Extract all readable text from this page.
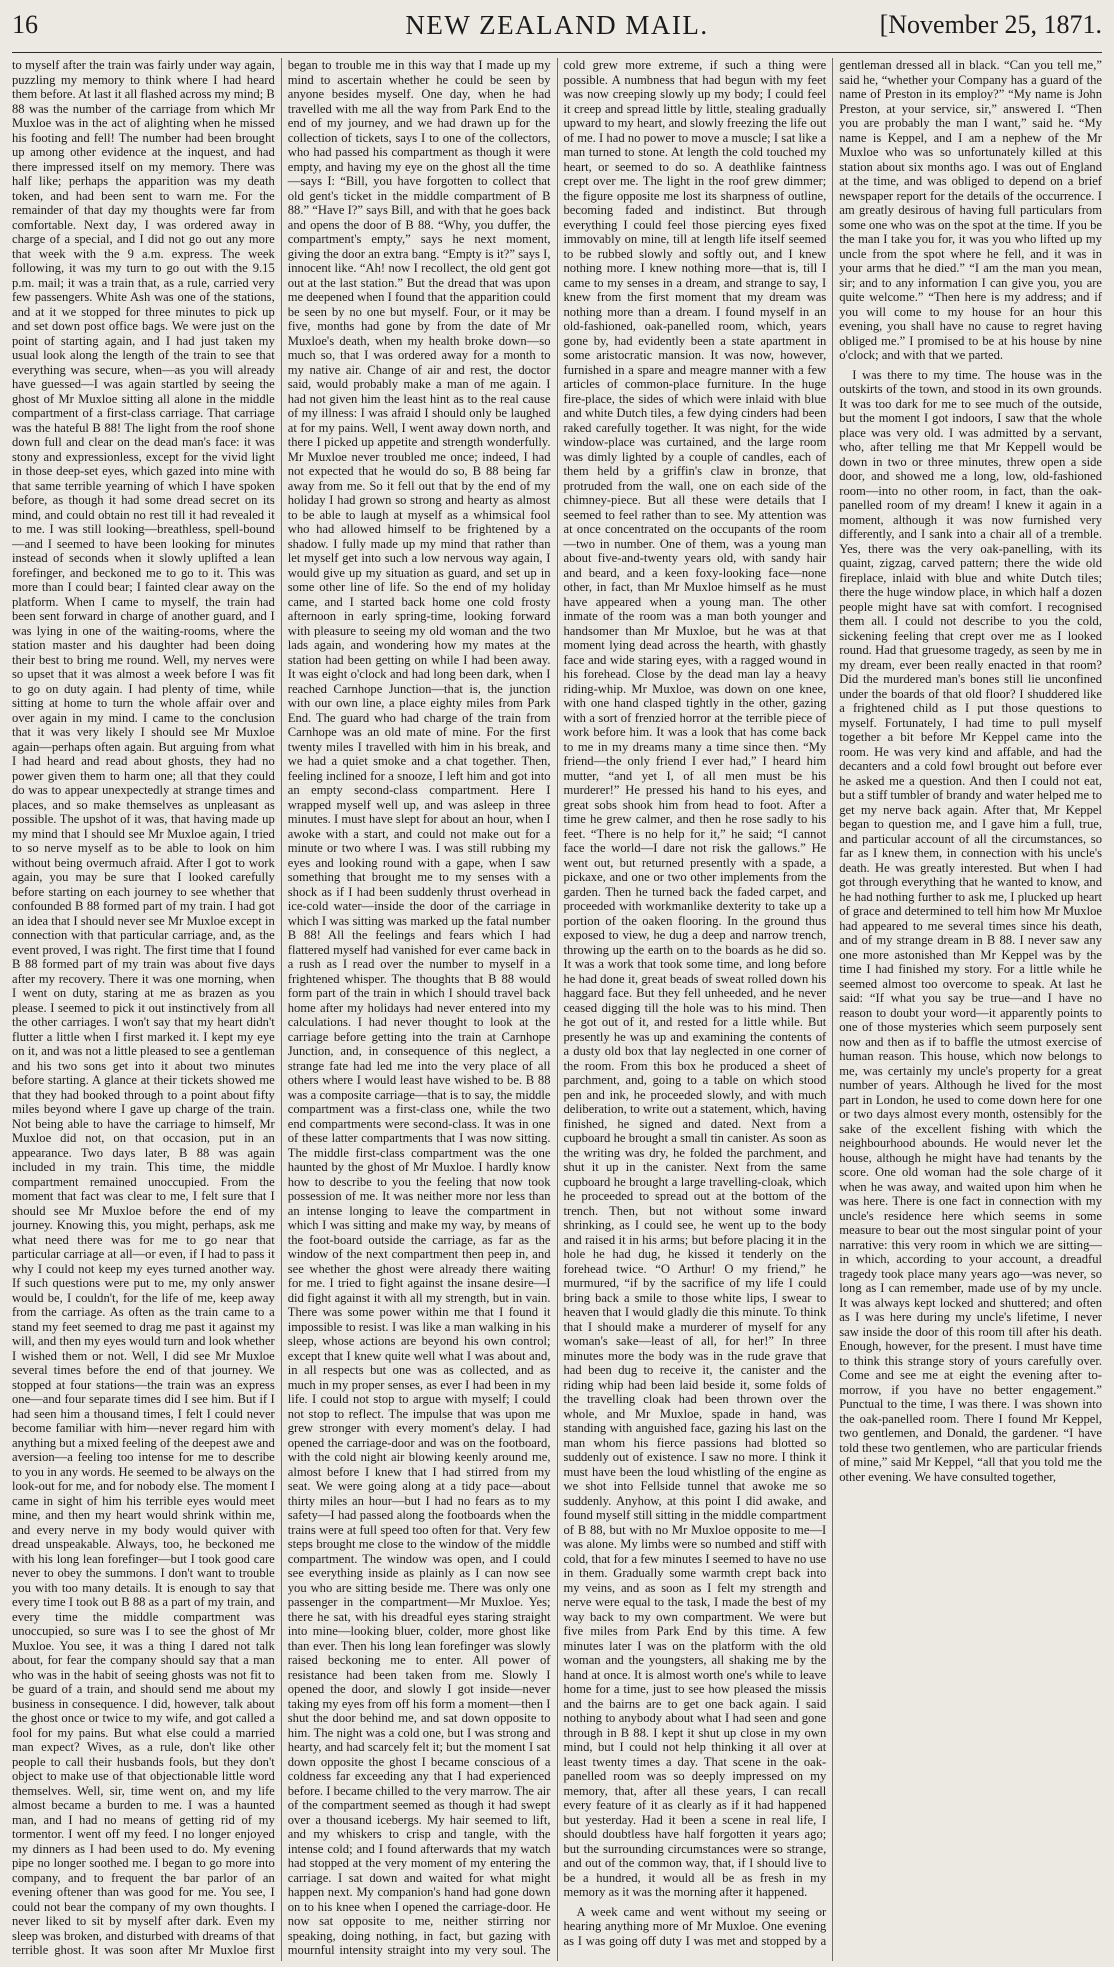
16	NEW ZEALAND MAIL.	[November 25, 1871.

to myself after the train was fairly under way again, puzzling my memory to think where I had heard them before. At last it all flashed across my mind; B 88 was the number of the carriage from which Mr Muxloe was in the act of alighting when he missed his footing and fell! The number had been brought up among other evidence at the inquest, and had there impressed itself on my memory. There was half like; perhaps the apparition was my death token, and had been sent to warn me. For the remainder of that day my thoughts were far from comfortable. Next day, I was ordered away in charge of a special, and I did not go out any more that week with the 9 a.m. express. The week following, it was my turn to go out with the 9.15 p.m. mail; it was a train that, as a rule, carried very few passengers. White Ash was one of the stations, and at it we stopped for three minutes to pick up and set down post office bags. We were just on the point of starting again, and I had just taken my usual look along the length of the train to see that everything was secure, when—as you will already have guessed—I was again startled by seeing the ghost of Mr Muxloe sitting all alone in the middle compartment of a first-class carriage. That carriage was the hateful B 88! The light from the roof shone down full and clear on the dead man's face: it was stony and expressionless, except for the vivid light in those deep-set eyes, which gazed into mine with that same terrible yearning of which I have spoken before, as though it had some dread secret on its mind, and could obtain no rest till it had revealed it to me. I was still looking—breathless, spell-bound—and I seemed to have been looking for minutes instead of seconds when it slowly uplifted a lean forefinger, and beckoned me to go to it. This was more than I could bear; I fainted clear away on the platform. When I came to myself, the train had been sent forward in charge of another guard, and I was lying in one of the waiting-rooms, where the station master and his daughter had been doing their best to bring me round. Well, my nerves were so upset that it was almost a week before I was fit to go on duty again. I had plenty of time, while sitting at home to turn the whole affair over and over again in my mind. I came to the conclusion that it was very likely I should see Mr Muxloe again—perhaps often again. But arguing from what I had heard and read about ghosts, they had no power given them to harm one; all that they could do was to appear unexpectedly at strange times and places, and so make themselves as unpleasant as possible. The upshot of it was, that having made up my mind that I should see Mr Muxloe again, I tried to so nerve myself as to be able to look on him without being overmuch afraid. After I got to work again, you may be sure that I looked carefully before starting on each journey to see whether that confounded B 88 formed part of my train. I had got an idea that I should never see Mr Muxloe except in connection with that particular carriage, and, as the event proved, I was right. The first time that I found B 88 formed part of my train was about five days after my recovery. There it was one morning, when I went on duty, staring at me as brazen as you please. I seemed to pick it out instinctively from all the other carriages. I won't say that my heart didn't flutter a little when I first marked it. I kept my eye on it, and was not a little pleased to see a gentleman and his two sons get into it about two minutes before starting. A glance at their tickets showed me that they had booked through to a point about fifty miles beyond where I gave up charge of the train. Not being able to have the carriage to himself, Mr Muxloe did not, on that occasion, put in an appearance. Two days later, B 88 was again included in my train. This time, the middle compartment remained unoccupied. From the moment that fact was clear to me, I felt sure that I should see Mr Muxloe before the end of my journey. Knowing this, you might, perhaps, ask me what need there was for me to go near that particular carriage at all—or even, if I had to pass it why I could not keep my eyes turned another way. If such questions were put to me, my only answer would be, I couldn't, for the life of me, keep away from the carriage. As often as the train came to a stand my feet seemed to drag me past it against my will, and then my eyes would turn and look whether I wished them or not. Well, I did see Mr Muxloe several times before the end of that journey. We stopped at four stations—the train was an express one—and four separate times did I see him. But if I had seen him a thousand times, I felt I could never become familiar with him—never regard him with anything but a mixed feeling of the deepest awe and aversion—a feeling too intense for me to describe to you in any words. He seemed to be always on the look-out for me, and for nobody else. The moment I came in sight of him his terrible eyes would meet mine, and then my heart would shrink within me, and every nerve in my body would quiver with dread unspeakable. Always, too, he beckoned me with his long lean forefinger—but I took good care never to obey the summons. I don't want to trouble you with too many details. It is enough to say that every time I took out B 88 as a part of my train, and every time the middle compartment was unoccupied, so sure was I to see the ghost of Mr Muxloe. You see, it was a thing I dared not talk about, for fear the company should say that a man who was in the habit of seeing ghosts was not fit to be guard of a train, and should send me about my business in consequence. I did, however, talk about the ghost once or twice to my wife, and got called a fool for my pains. But what else could a married man expect? Wives, as a rule, don't like other people to call their husbands fools, but they don't object to make use of that objectionable little word themselves. Well, sir, time went on, and my life almost became a burden to me. I was a haunted man, and I had no means of getting rid of my tormentor. I went off my feed. I no longer enjoyed my dinners as I had been used to do. My evening pipe no longer soothed me. I began to go more into company, and to frequent the bar parlor of an evening oftener than was good for me. You see, I could not bear the company of my own thoughts. I never liked to sit by myself after dark. Even my sleep was broken, and disturbed with dreams of that terrible ghost. It was soon after Mr Muxloe first began to trouble me in this way that I made up my mind to ascertain whether he could be seen by anyone besides myself. One day, when he had travelled with me all the way from Park End to the end of my journey, and we had drawn up for the collection of tickets, says I to one of the collectors, who had passed his compartment as though it were empty, and having my eye on the ghost all the time—says I: “Bill, you have forgotten to collect that old gent's ticket in the middle compartment of B 88.” “Have I?” says Bill, and with that he goes back and opens the door of B 88. “Why, you duffer, the compartment's empty,” says he next moment, giving the door an extra bang. “Empty is it?” says I, innocent like. “Ah! now I recollect, the old gent got out at the last station.” But the dread that was upon me deepened when I found that the apparition could be seen by no one but myself. Four, or it may be five, months had gone by from the date of Mr Muxloe's death, when my health broke down—so much so, that I was ordered away for a month to my native air. Change of air and rest, the doctor said, would probably make a man of me again. I had not given him the least hint as to the real cause of my illness: I was afraid I should only be laughed at for my pains. Well, I went away down north, and there I picked up appetite and strength wonderfully. Mr Muxloe never troubled me once; indeed, I had not expected that he would do so, B 88 being far away from me. So it fell out that by the end of my holiday I had grown so strong and hearty as almost to be able to laugh at myself as a whimsical fool who had allowed himself to be frightened by a shadow. I fully made up my mind that rather than let myself get into such a low nervous way again, I would give up my situation as guard, and set up in some other line of life. So the end of my holiday came, and I started back home one cold frosty afternoon in early spring-time, looking forward with pleasure to seeing my old woman and the two lads again, and wondering how my mates at the station had been getting on while I had been away. It was eight o'clock and had long been dark, when I reached Carnhope Junction—that is, the junction with our own line, a place eighty miles from Park End. The guard who had charge of the train from Carnhope was an old mate of mine. For the first twenty miles I travelled with him in his break, and we had a quiet smoke and a chat together. Then, feeling inclined for a snooze, I left him and got into an empty second-class compartment. Here I wrapped myself well up, and was asleep in three minutes. I must have slept for about an hour, when I awoke with a start, and could not make out for a minute or two where I was. I was still rubbing my eyes and looking round with a gape, when I saw something that brought me to my senses with a shock as if I had been suddenly thrust overhead in ice-cold water—inside the door of the carriage in which I was sitting was marked up the fatal number B 88! All the feelings and fears which I had flattered myself had vanished for ever came back in a rush as I read over the number to myself in a frightened whisper. The thoughts that B 88 would form part of the train in which I should travel back home after my holidays had never entered into my calculations. I had never thought to look at the carriage before getting into the train at Carnhope Junction, and, in consequence of this neglect, a strange fate had led me into the very place of all others where I would least have wished to be. B 88 was a composite carriage—that is to say, the middle compartment was a first-class one, while the two end compartments were second-class. It was in one of these latter compartments that I was now sitting. The middle first-class compartment was the one haunted by the ghost of Mr Muxloe. I hardly know how to describe to you the feeling that now took possession of me. It was neither more nor less than an intense longing to leave the compartment in which I was sitting and make my way, by means of the foot-board outside the carriage, as far as the window of the next compartment then peep in, and see whether the ghost were already there waiting for me. I tried to fight against the insane desire—I did fight against it with all my strength, but in vain. There was some power within me that I found it impossible to resist. I was like a man walking in his sleep, whose actions are beyond his own control; except that I knew quite well what I was about and, in all respects but one was as collected, and as much in my proper senses, as ever I had been in my life. I could not stop to argue with myself; I could not stop to reflect. The impulse that was upon me grew stronger with every moment's delay. I had opened the carriage-door and was on the footboard, with the cold night air blowing keenly around me, almost before I knew that I had stirred from my seat. We were going along at a tidy pace—about thirty miles an hour—but I had no fears as to my safety—I had passed along the footboards when the trains were at full speed too often for that. Very few steps brought me close to the window of the middle compartment. The window was open, and I could see everything inside as plainly as I can now see you who are sitting beside me. There was only one passenger in the compartment—Mr Muxloe. Yes; there he sat, with his dreadful eyes staring straight into mine—looking bluer, colder, more ghost like than ever. Then his long lean forefinger was slowly raised beckoning me to enter. All power of resistance had been taken from me. Slowly I opened the door, and slowly I got inside—never taking my eyes from off his form a moment—then I shut the door behind me, and sat down opposite to him. The night was a cold one, but I was strong and hearty, and had scarcely felt it; but the moment I sat down opposite the ghost I became conscious of a coldness far exceeding any that I had experienced before. I became chilled to the very marrow. The air of the compartment seemed as though it had swept over a thousand icebergs. My hair seemed to lift, and my whiskers to crisp and tangle, with the intense cold; and I found afterwards that my watch had stopped at the very moment of my entering the carriage. I sat down and waited for what might happen next. My companion's hand had gone down on to his knee when I opened the carriage-door. He now sat opposite to me, neither stirring nor speaking, doing nothing, in fact, but gazing with mournful intensity straight into my very soul. The cold grew more extreme, if such a thing were possible. A numbness that had begun with my feet was now creeping slowly up my body; I could feel it creep and spread little by little, stealing gradually upward to my heart, and slowly freezing the life out of me. I had no power to move a muscle; I sat like a man turned to stone. At length the cold touched my heart, or seemed to do so. A deathlike faintness crept over me. The light in the roof grew dimmer; the figure opposite me lost its sharpness of outline, becoming faded and indistinct. But through everything I could feel those piercing eyes fixed immovably on mine, till at length life itself seemed to be rubbed slowly and softly out, and I knew nothing more. I knew nothing more—that is, till I came to my senses in a dream, and strange to say, I knew from the first moment that my dream was nothing more than a dream. I found myself in an old-fashioned, oak-panelled room, which, years gone by, had evidently been a state apartment in some aristocratic mansion. It was now, however, furnished in a spare and meagre manner with a few articles of common-place furniture. In the huge fire-place, the sides of which were inlaid with blue and white Dutch tiles, a few dying cinders had been raked carefully together. It was night, for the wide window-place was curtained, and the large room was dimly lighted by a couple of candles, each of them held by a griffin's claw in bronze, that protruded from the wall, one on each side of the chimney-piece. But all these were details that I seemed to feel rather than to see. My attention was at once concentrated on the occupants of the room—two in number. One of them, was a young man about five-and-twenty years old, with sandy hair and beard, and a keen foxy-looking face—none other, in fact, than Mr Muxloe himself as he must have appeared when a young man. The other inmate of the room was a man both younger and handsomer than Mr Muxloe, but he was at that moment lying dead across the hearth, with ghastly face and wide staring eyes, with a ragged wound in his forehead. Close by the dead man lay a heavy riding-whip. Mr Muxloe, was down on one knee, with one hand clasped tightly in the other, gazing with a sort of frenzied horror at the terrible piece of work before him. It was a look that has come back to me in my dreams many a time since then. “My friend—the only friend I ever had,” I heard him mutter, “and yet I, of all men must be his murderer!” He pressed his hand to his eyes, and great sobs shook him from head to foot. After a time he grew calmer, and then he rose sadly to his feet. “There is no help for it,” he said; “I cannot face the world—I dare not risk the gallows.” He went out, but returned presently with a spade, a pickaxe, and one or two other implements from the garden. Then he turned back the faded carpet, and proceeded with workmanlike dexterity to take up a portion of the oaken flooring. In the ground thus exposed to view, he dug a deep and narrow trench, throwing up the earth on to the boards as he did so. It was a work that took some time, and long before he had done it, great beads of sweat rolled down his haggard face. But they fell unheeded, and he never ceased digging till the hole was to his mind. Then he got out of it, and rested for a little while. But presently he was up and examining the contents of a dusty old box that lay neglected in one corner of the room. From this box he produced a sheet of parchment, and, going to a table on which stood pen and ink, he proceeded slowly, and with much deliberation, to write out a statement, which, having finished, he signed and dated. Next from a cupboard he brought a small tin canister. As soon as the writing was dry, he folded the parchment, and shut it up in the canister. Next from the same cupboard he brought a large travelling-cloak, which he proceeded to spread out at the bottom of the trench. Then, but not without some inward shrinking, as I could see, he went up to the body and raised it in his arms; but before placing it in the hole he had dug, he kissed it tenderly on the forehead twice. “O Arthur! O my friend,” he murmured, “if by the sacrifice of my life I could bring back a smile to those white lips, I swear to heaven that I would gladly die this minute. To think that I should make a murderer of myself for any woman's sake—least of all, for her!” In three minutes more the body was in the rude grave that had been dug to receive it, the canister and the riding whip had been laid beside it, some folds of the travelling cloak had been thrown over the whole, and Mr Muxloe, spade in hand, was standing with anguished face, gazing his last on the man whom his fierce passions had blotted so suddenly out of existence. I saw no more. I think it must have been the loud whistling of the engine as we shot into Fellside tunnel that awoke me so suddenly. Anyhow, at this point I did awake, and found myself still sitting in the middle compartment of B 88, but with no Mr Muxloe opposite to me—I was alone. My limbs were so numbed and stiff with cold, that for a few minutes I seemed to have no use in them. Gradually some warmth crept back into my veins, and as soon as I felt my strength and nerve were equal to the task, I made the best of my way back to my own compartment. We were but five miles from Park End by this time. A few minutes later I was on the platform with the old woman and the youngsters, all shaking me by the hand at once. It is almost worth one's while to leave home for a time, just to see how pleased the missis and the bairns are to get one back again. I said nothing to anybody about what I had seen and gone through in B 88. I kept it shut up close in my own mind, but I could not help thinking it all over at least twenty times a day. That scene in the oak-panelled room was so deeply impressed on my memory, that, after all these years, I can recall every feature of it as clearly as if it had happened but yesterday. Had it been a scene in real life, I should doubtless have half forgotten it years ago; but the surrounding circumstances were so strange, and out of the common way, that, if I should live to be a hundred, it would all be as fresh in my memory as it was the morning after it happened.

A week came and went without my seeing or hearing anything more of Mr Muxloe. One evening as I was going off duty I was met and stopped by a gentleman dressed all in black. “Can you tell me,” said he, “whether your Company has a guard of the name of Preston in its employ?” “My name is John Preston, at your service, sir,” answered I. “Then you are probably the man I want,” said he. “My name is Keppel, and I am a nephew of the Mr Muxloe who was so unfortunately killed at this station about six months ago. I was out of England at the time, and was obliged to depend on a brief newspaper report for the details of the occurrence. I am greatly desirous of having full particulars from some one who was on the spot at the time. If you be the man I take you for, it was you who lifted up my uncle from the spot where he fell, and it was in your arms that he died.” “I am the man you mean, sir; and to any information I can give you, you are quite welcome.” “Then here is my address; and if you will come to my house for an hour this evening, you shall have no cause to regret having obliged me.” I promised to be at his house by nine o'clock; and with that we parted.

I was there to my time. The house was in the outskirts of the town, and stood in its own grounds. It was too dark for me to see much of the outside, but the moment I got indoors, I saw that the whole place was very old. I was admitted by a servant, who, after telling me that Mr Keppell would be down in two or three minutes, threw open a side door, and showed me a long, low, old-fashioned room—into no other room, in fact, than the oak-panelled room of my dream! I knew it again in a moment, although it was now furnished very differently, and I sank into a chair all of a tremble. Yes, there was the very oak-panelling, with its quaint, zigzag, carved pattern; there the wide old fireplace, inlaid with blue and white Dutch tiles; there the huge window place, in which half a dozen people might have sat with comfort. I recognised them all. I could not describe to you the cold, sickening feeling that crept over me as I looked round. Had that gruesome tragedy, as seen by me in my dream, ever been really enacted in that room? Did the murdered man's bones still lie unconfined under the boards of that old floor? I shuddered like a frightened child as I put those questions to myself. Fortunately, I had time to pull myself together a bit before Mr Keppel came into the room. He was very kind and affable, and had the decanters and a cold fowl brought out before ever he asked me a question. And then I could not eat, but a stiff tumbler of brandy and water helped me to get my nerve back again. After that, Mr Keppel began to question me, and I gave him a full, true, and particular account of all the circumstances, so far as I knew them, in connection with his uncle's death. He was greatly interested. But when I had got through everything that he wanted to know, and he had nothing further to ask me, I plucked up heart of grace and determined to tell him how Mr Muxloe had appeared to me several times since his death, and of my strange dream in B 88. I never saw any one more astonished than Mr Keppel was by the time I had finished my story. For a little while he seemed almost too overcome to speak. At last he said: “If what you say be true—and I have no reason to doubt your word—it apparently points to one of those mysteries which seem purposely sent now and then as if to baffle the utmost exercise of human reason. This house, which now belongs to me, was certainly my uncle's property for a great number of years. Although he lived for the most part in London, he used to come down here for one or two days almost every month, ostensibly for the sake of the excellent fishing with which the neighbourhood abounds. He would never let the house, although he might have had tenants by the score. One old woman had the sole charge of it when he was away, and waited upon him when he was here. There is one fact in connection with my uncle's residence here which seems in some measure to bear out the most singular point of your narrative: this very room in which we are sitting—in which, according to your account, a dreadful tragedy took place many years ago—was never, so long as I can remember, made use of by my uncle. It was always kept locked and shuttered; and often as I was here during my uncle's lifetime, I never saw inside the door of this room till after his death. Enough, however, for the present. I must have time to think this strange story of yours carefully over. Come and see me at eight the evening after to-morrow, if you have no better engagement.” Punctual to the time, I was there. I was shown into the oak-panelled room. There I found Mr Keppel, two gentlemen, and Donald, the gardener. “I have told these two gentlemen, who are particular friends of mine,” said Mr Keppel, “all that you told me the other evening. We have consulted together,
